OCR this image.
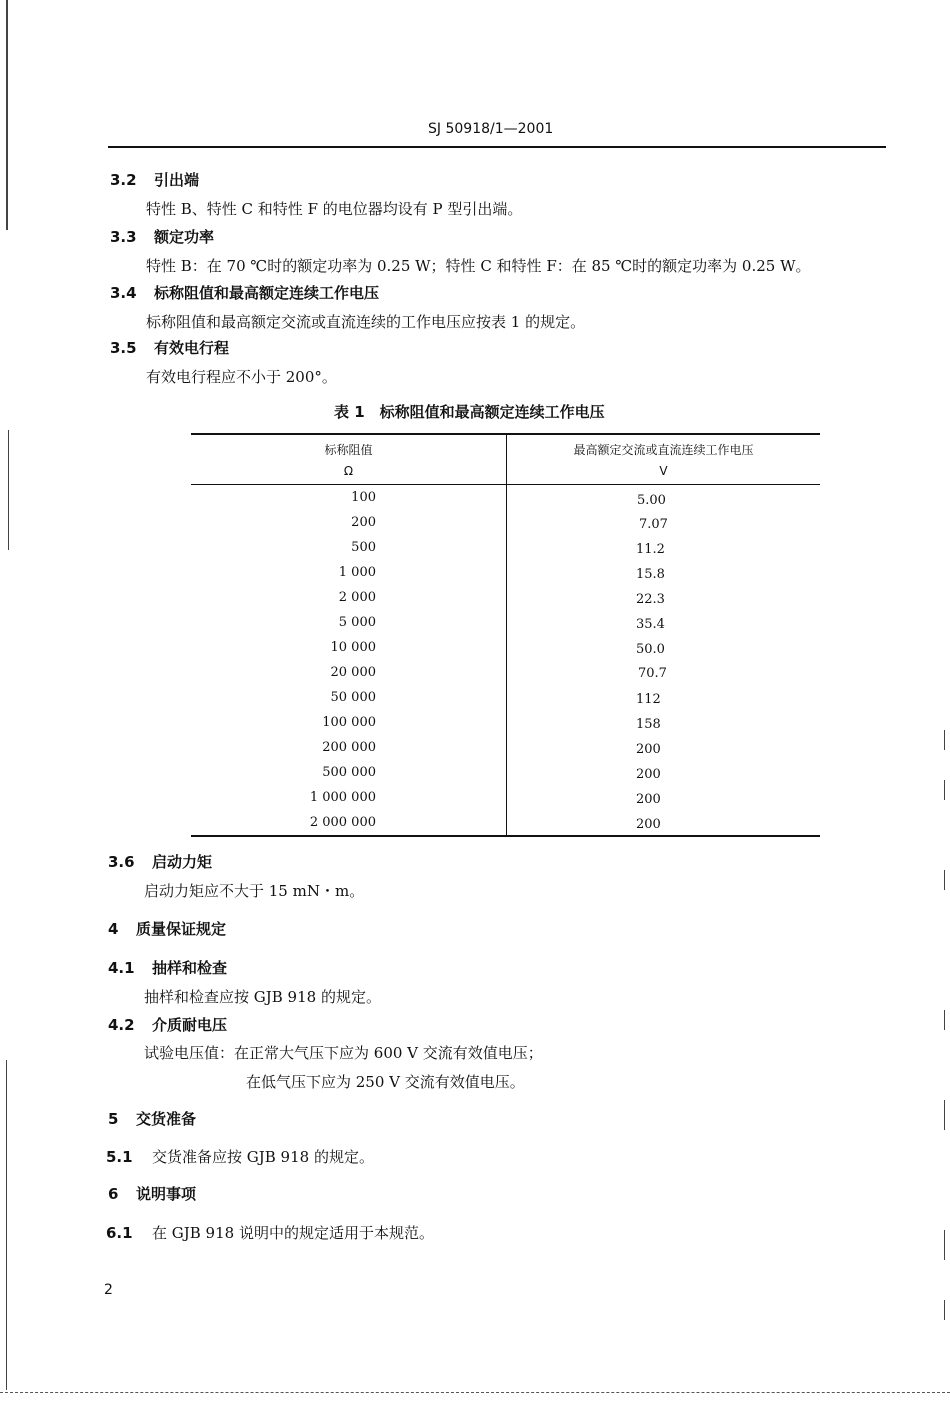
SJ 50918/1—2001
3.2 引出端
特性 B、特性 C 和特性 F 的电位器均设有 P 型引出端。
3.3 额定功率
特性 B：在 70 ℃时的额定功率为 0.25 W；特性 C 和特性 F：在 85 ℃时的额定功率为 0.25 W。
3.4 标称阻值和最高额定连续工作电压
标称阻值和最高额定交流或直流连续的工作电压应按表 1 的规定。
3.5 有效电行程
有效电行程应不小于 200°。
表 1　标称阻值和最高额定连续工作电压
标称阻值
Ω
最高额定交流或直流连续工作电压
V
100	5.00
200	7.07
500	11.2
1 000	15.8
2 000	22.3
5 000	35.4
10 000	50.0
20 000	70.7
50 000	112
100 000	158
200 000	200
500 000	200
1 000 000	200
2 000 000	200
3.6 启动力矩
启动力矩应不大于 15 mN・m。
4 质量保证规定
4.1 抽样和检查
抽样和检查应按 GJB 918 的规定。
4.2 介质耐电压
试验电压值：在正常大气压下应为 600 V 交流有效值电压；
在低气压下应为 250 V 交流有效值电压。
5 交货准备
5.1 交货准备应按 GJB 918 的规定。
6 说明事项
6.1 在 GJB 918 说明中的规定适用于本规范。
2
